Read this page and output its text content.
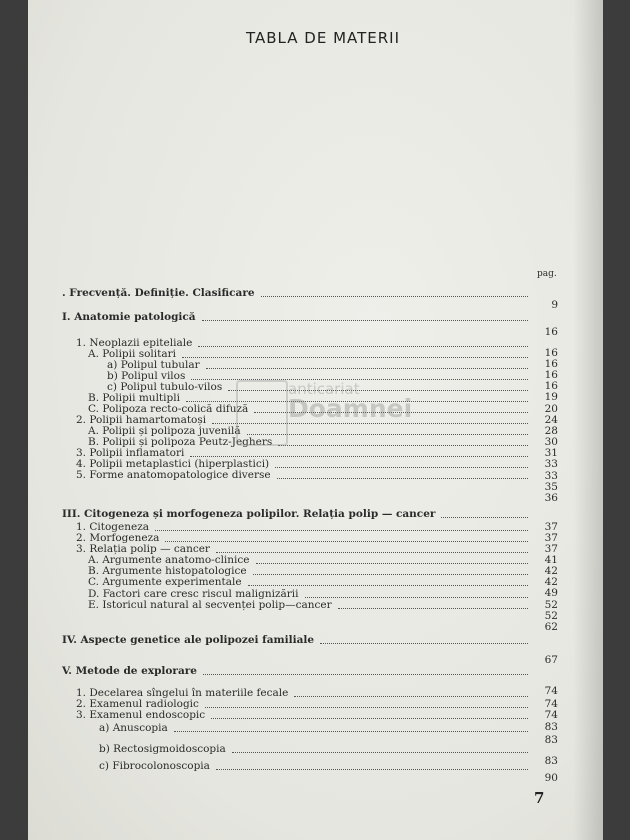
TABLA DE MATERII
pag.
. Frecvență. Definiție. Clasificare
9
I. Anatomie patologică
16
1. Neoplazii epiteliale
16
A. Polipii solitari
16
a) Polipul tubular
16
b) Polipul vilos
16
c) Polipul tubulo-vilos
19
B. Polipii multipli
20
C. Polipoza recto-colică difuză
24
2. Polipii hamartomatoși
28
A. Polipii și polipoza juvenilă
30
B. Polipii și polipoza Peutz-Jeghers
31
3. Polipii inflamatori
33
4. Polipii metaplastici (hiperplastici)
33
5. Forme anatomopatologice diverse
35
36
III. Citogeneza și morfogeneza polipilor. Relația polip — cancer
37
1. Citogeneza
37
2. Morfogeneza
37
3. Relația polip — cancer
41
A. Argumente anatomo-clinice
42
B. Argumente histopatologice
42
C. Argumente experimentale
49
D. Factori care cresc riscul malignizării
52
E. Istoricul natural al secvenței polip—cancer
52
62
IV. Aspecte genetice ale polipozei familiale
67
V. Metode de explorare
74
1. Decelarea sîngelui în materiile fecale
74
2. Examenul radiologic
74
3. Examenul endoscopic
83
a) Anuscopia
83
b) Rectosigmoidoscopia
83
c) Fibrocolonoscopia
90
anticariat
Doamnei
7
